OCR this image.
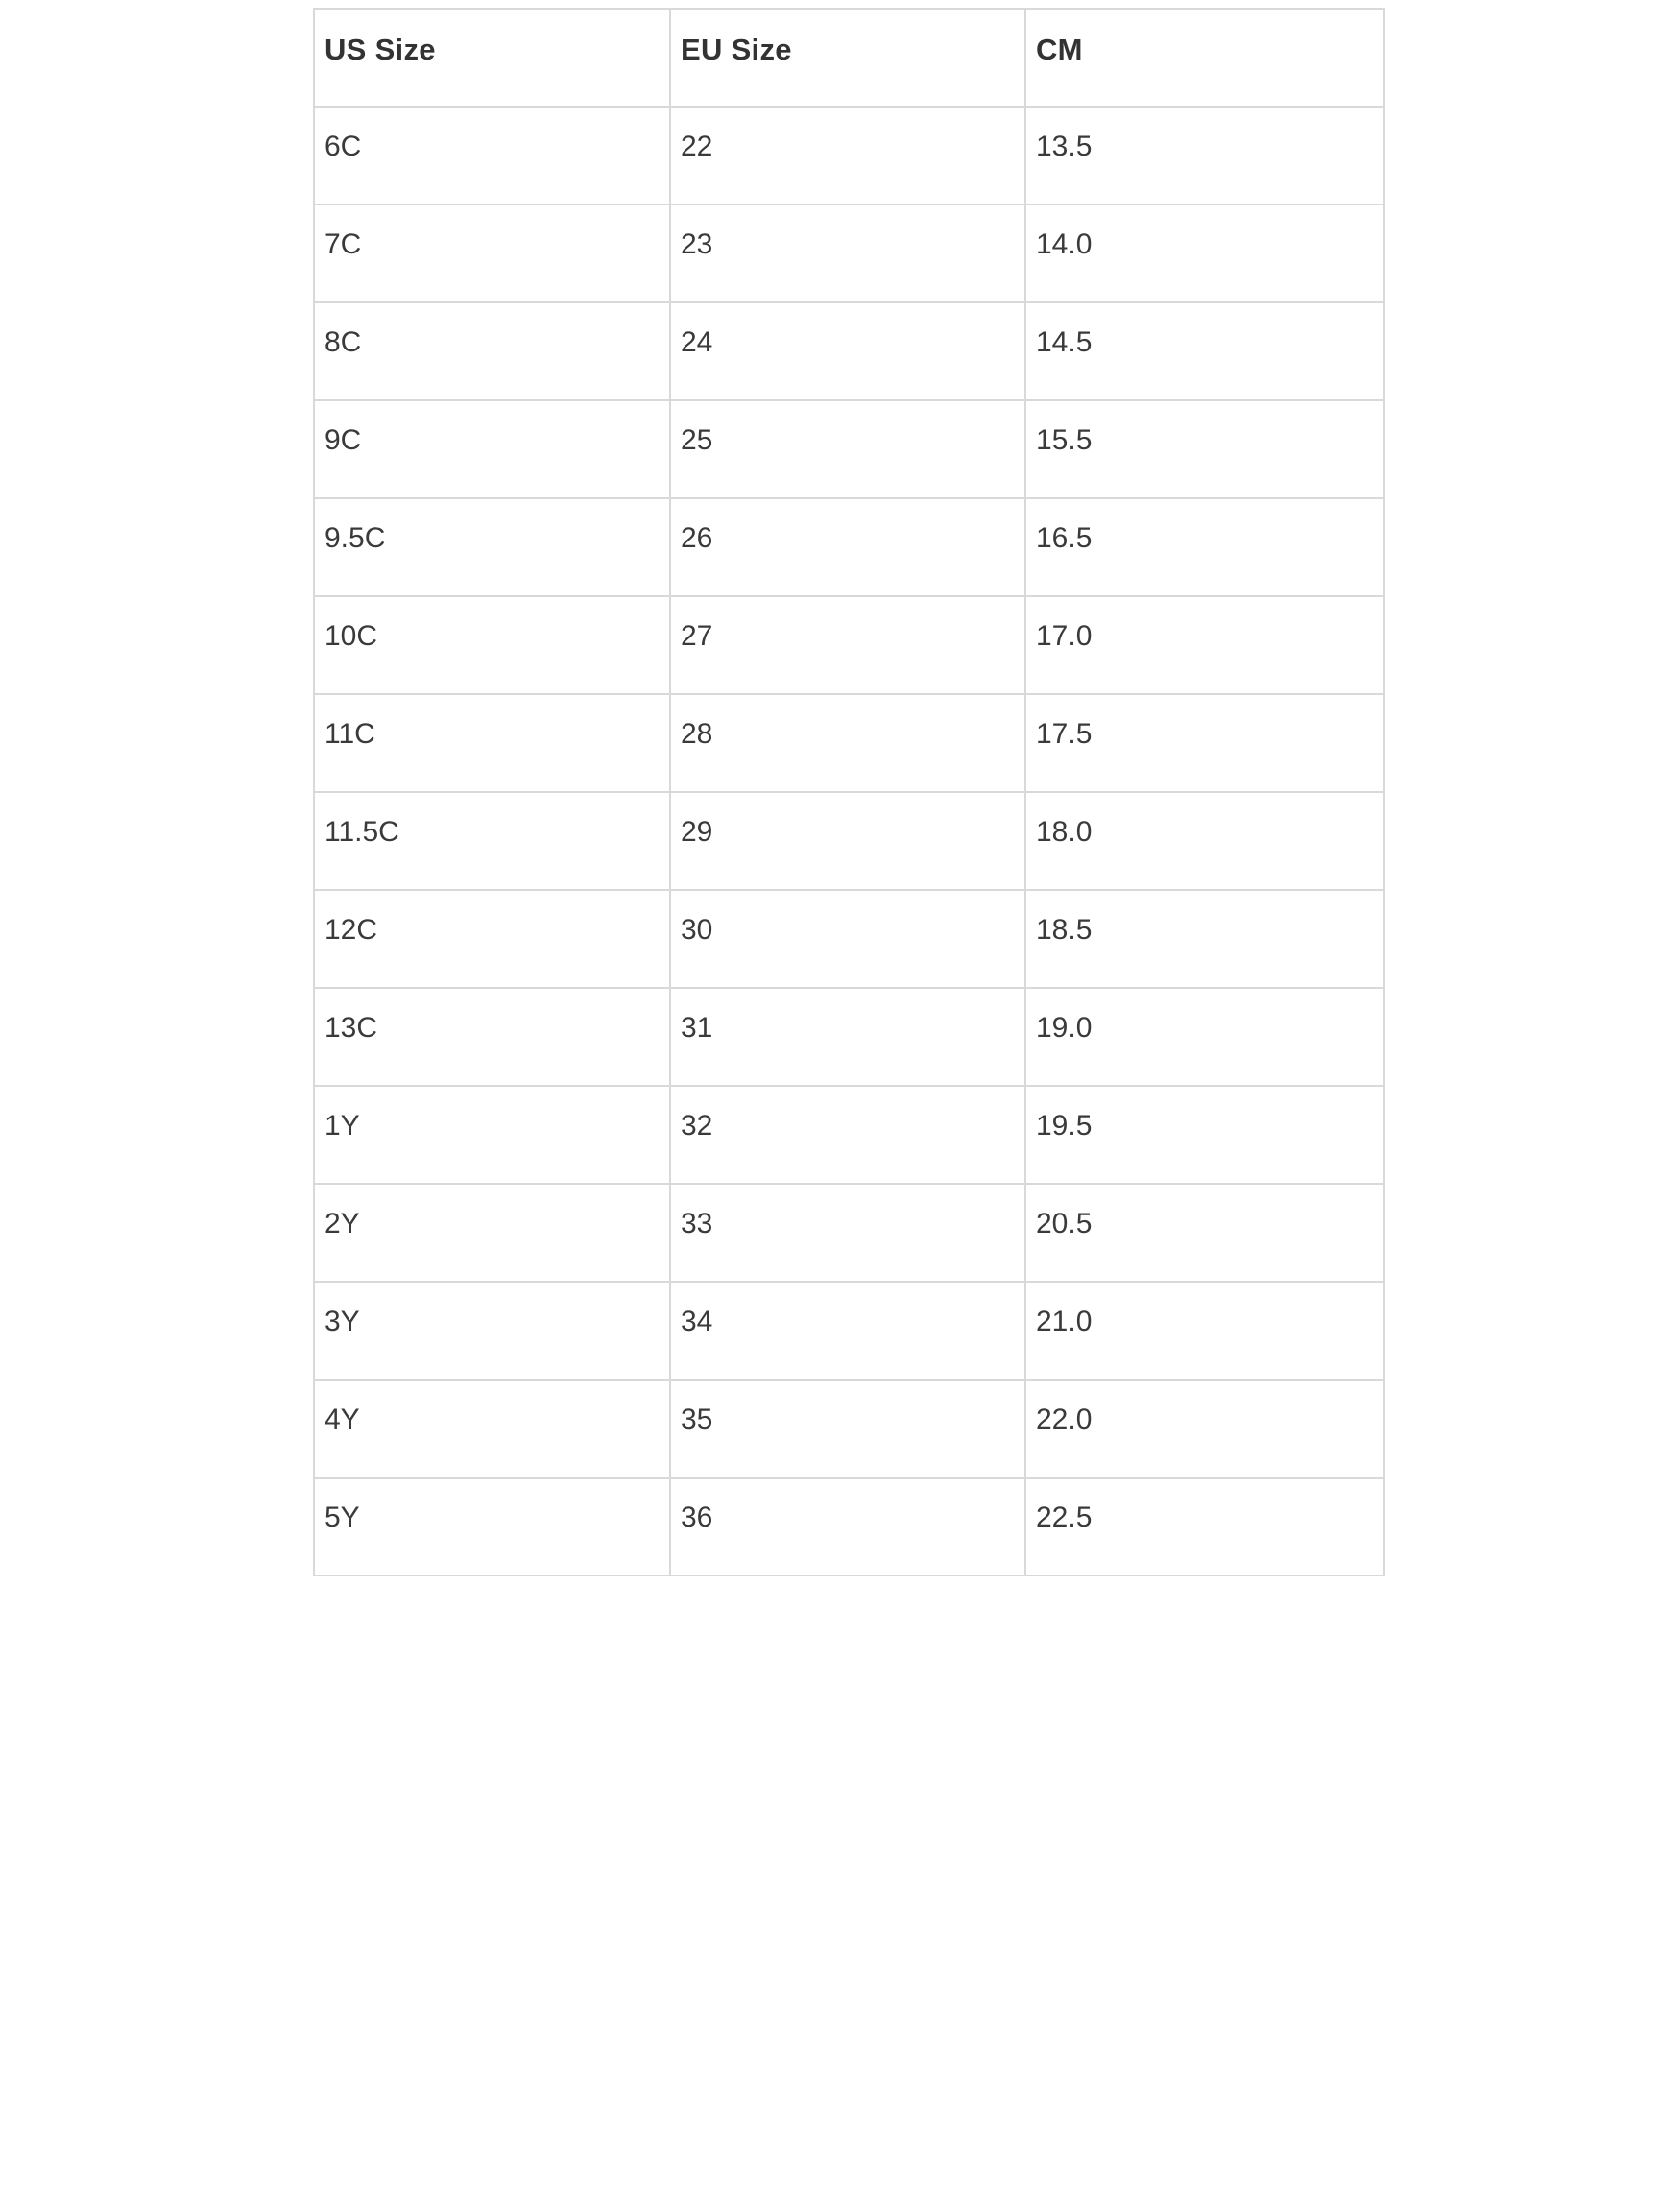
US Size	EU Size	CM
6C	22	13.5
7C	23	14.0
8C	24	14.5
9C	25	15.5
9.5C	26	16.5
10C	27	17.0
11C	28	17.5
11.5C	29	18.0
12C	30	18.5
13C	31	19.0
1Y	32	19.5
2Y	33	20.5
3Y	34	21.0
4Y	35	22.0
5Y	36	22.5
